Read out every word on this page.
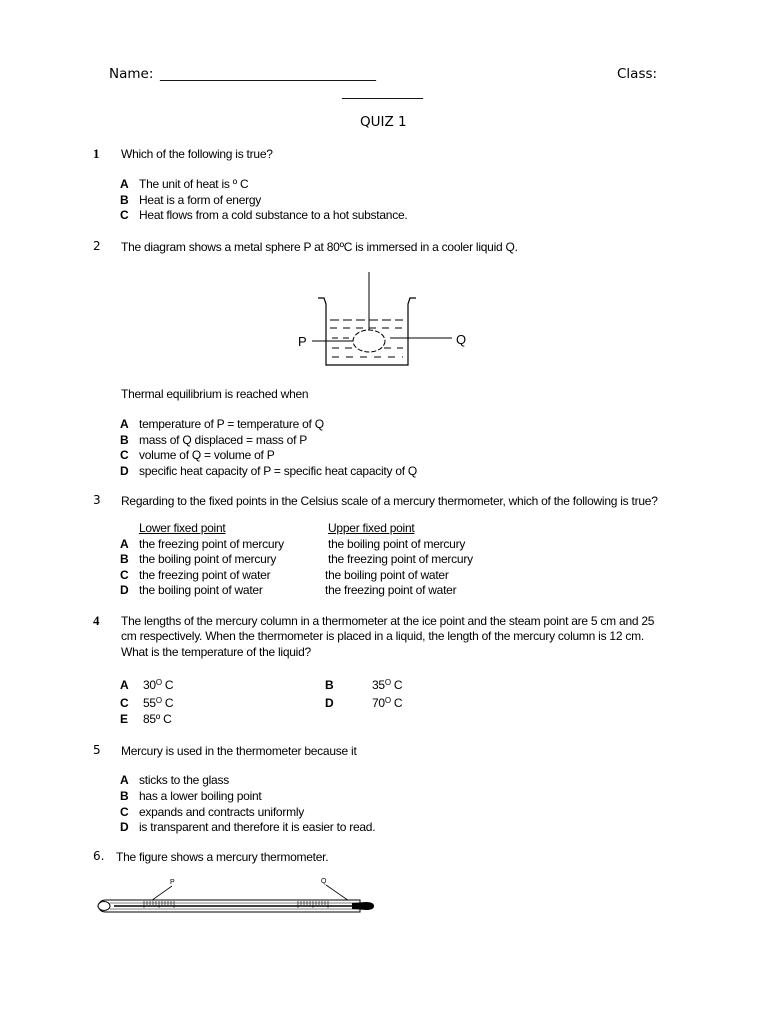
Name: ________________________________	Class:
____________
QUIZ 1
1 Which of the following is true?
A The unit of heat is º C
B Heat is a form of energy
C Heat flows from a cold substance to a hot substance.
2 The diagram shows a metal sphere P at 80ºC is immersed in a cooler liquid Q.
P	Q
Thermal equilibrium is reached when
A temperature of P = temperature of Q
B mass of Q displaced = mass of P
C volume of Q = volume of P
D specific heat capacity of P = specific heat capacity of Q
3 Regarding to the fixed points in the Celsius scale of a mercury thermometer, which of the following is true?
Lower fixed point	Upper fixed point
A the freezing point of mercury	the boiling point of mercury
B the boiling point of mercury	the freezing point of mercury
C the freezing point of water	the boiling point of water
D the boiling point of water	the freezing point of water
4 The lengths of the mercury column in a thermometer at the ice point and the steam point are 5 cm and 25
cm respectively. When the thermometer is placed in a liquid, the length of the mercury column is 12 cm.
What is the temperature of the liquid?
A $30^O$ C	B	$35^O$ C
C $55^O$ C	D	$70^O$ C
E 85º C
5 Mercury is used in the thermometer because it
A sticks to the glass
B has a lower boiling point
C expands and contracts uniformly
D is transparent and therefore it is easier to read.
6. The figure shows a mercury thermometer.
P	Q
